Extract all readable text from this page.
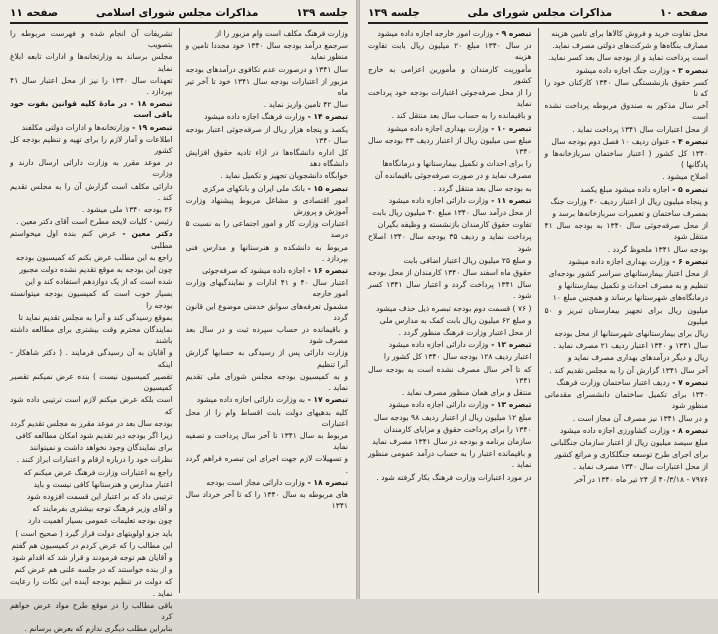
جلسه ۱۳۹
مذاکرات مجلس شورای اسلامی
صفحه ۱۱
وزارت فرهنگ مکلف است وام مزبور را از
سرجمع درآمد بودجه سال ۱۳۴۰ خود مجددا تامین و منظور نماید
سال ۱۳۴۱ و درصورت عدم تکافوی درآمدهای بودجه
مزبور از اعتبارات بودجه سال ۱۳۴۱ خود تا آخر تیر ماه
سال ۴۲ تامین واریز نماید .
تبصره ۱۴ - وزارت فرهنگ اجازه داده میشود
یکصد و پنجاه هزار ریال از صرفه‌جوئی اعتبار بودجه سال ۱۳۴۰
کل اداره دانشگاه‌ها در ازاء تادیه حقوق افزایش دانشگاه دهد
خوابگاه دانشجویان تجهیز و تکمیل نماید .
تبصره ۱۵ - بانک ملی ایران و بانکهای مرکزی
امور اقتصادی و مشاغل مربوط پیشنهاد وزارت آموزش و پرورش
اعتبارات وزارت کار و امور اجتماعی را به نسبت ۵ درصد
مربوط به دانشکده و هنرستانها و مدارس فنی بپردازد .
تبصره ۱۶ - اجازه داده میشود که صرفه‌جوئی
اعتبار سال ۴۰ و ۴۱ ادارات و نمایندگیهای وزارت امور خارجه
مشمول تعرفه‌های سوابق خدمتی موضوع این قانون گردد
و باقیمانده در حساب سپرده ثبت و در سال بعد مصرف شود
وزارت دارائی پس از رسیدگی به حسابها گزارش آنرا تنظیم
و به کمیسیون بودجه مجلس شورای ملی تقدیم نماید .
تبصره ۱۷ - به وزارت دارائی اجازه داده میشود
کلیه بدهیهای دولت بابت اقساط وام را از محل اعتبارات
مربوط به سال ۱۳۴۱ تا آخر سال پرداخت و تصفیه نماید
و تسهیلات لازم جهت اجرای این تبصره فراهم گردد .
تبصره ۱۸ - وزارت دارائی مجاز است بودجه
های مربوطه به سال ۱۳۴۰ را که تا آخر خرداد سال ۱۳۴۱
تشریفات آن انجام شده و فهرست مربوطه را بتصویب
مجلس برساند به وزارتخانه‌ها و ادارات تابعه ابلاغ نماید
تعهدات سال ۱۳۴۰ را نیز از محل اعتبار سال ۴۱ بپردازد .
تبصره ۱۸ - در مادهٔ کلیه قوانین بقوت خود باقی است
تبصره ۱۹ - وزارتخانه‌ها و ادارات دولتی مکلفند
اطلاعات و آمار لازم را برای تهیه و تنظیم بودجه کل کشور
در موعد مقرر به وزارت دارائی ارسال دارند و وزارت
دارائی مکلف است گزارش آن را به مجلس تقدیم کند .
۲۶ بودجه ۱۳۴۰ ملی میشود .
رئیس - کلیات لایحه مطرح است آقای دکتر معین .
دکتر معین - عرض کنم بنده اول میخواستم مطلبی
راجع به این مطلب عرض بکنم که کمیسیون بودجه
چون این بودجه به موقع تقدیم نشده دولت مجبور
شده است که از یک دوازدهم استفاده کند و این
بسیار خوب است که کمیسیون بودجه میتوانسته بودجه را
بموقع رسیدگی کند و آنرا به مجلس تقدیم نماید تا
نمایندگان محترم وقت بیشتری برای مطالعه داشته باشند
و آقایان به آن رسیدگی فرمایند . ( دکتر شاهکار - اینکه
تقصیر کمیسیون نیست ) بنده عرض نمیکنم تقصیر کمیسیون
است بلکه عرض میکنم لازم است ترتیبی داده شود که
بودجه سال بعد در موعد مقرر به مجلس تقدیم گردد
زیرا اگر بودجه دیر تقدیم شود امکان مطالعه کافی
برای نمایندگان وجود نخواهد داشت و نمیتوانند
نظرات خود را درباره ارقام و اعتبارات ابراز کنند .
راجع به اعتبارات وزارت فرهنگ عرض میکنم که
اعتبار مدارس و هنرستانها کافی نیست و باید
ترتیبی داد که بر اعتبار این قسمت افزوده شود
و آقای وزیر فرهنگ توجه بیشتری بفرمایند که
چون بودجه تعلیمات عمومی بسیار اهمیت دارد
باید جزو اولویتهای دولت قرار گیرد ( صحیح است )
این مطالب را که عرض کردم در کمیسیون هم گفتم
و آقایان هم توجه فرمودند و قرار شد که اقدام شود
و از بنده خواستند که در جلسه علنی هم عرض کنم
که دولت در تنظیم بودجه آینده این نکات را رعایت نماید .
باقی مطالب را در موقع طرح مواد عرض خواهم کرد
بنابراین مطلب دیگری ندارم که بعرض برسانم .
صفحه ۱۰
مذاکرات مجلس شورای ملی
جلسه ۱۳۹
محل تفاوت خرید و فروش کالاها برای تامین هزینه
مصارف بنگاه‌ها و شرکت‌های دولتی مصرف نماید.
است پرداخت نماید و از بودجه سال بعد کسر نماید.
تبصره ۳ - وزارت جنگ اجازه داده میشود
کسر حقوق بازنشستگی سال ۱۳۴۰ کارکنان خود را که تا
آخر سال مذکور به صندوق مربوطه پرداخت نشده است
از محل اعتبارات سال ۱۳۴۱ پرداخت نماید .
تبصره ۴ - عنوان ردیف ۱۰ فصل دوم بودجه سال
۱۳۴۰ کل کشور ( اعتبار ساختمان سربازخانه‌ها و پادگانها )
اصلاح میشود .
تبصره ۵ - اجازه داده میشود مبلغ یکصد
و پنجاه میلیون ریال از اعتبار ردیف ۳۰ وزارت جنگ
بمصرف ساختمان و تعمیرات سربازخانه‌ها برسد و
از محل صرفه‌جوئی سال ۱۳۴۰ به بودجه سال ۴۱ منتقل شود
بودجه سال ۱۳۴۱ ملحوظ گردد .
تبصره ۶ - وزارت بهداری اجازه داده میشود
از محل اعتبار بیمارستانهای سراسر کشور بودجه‌ای
تنظیم و به مصرف احداث و تکمیل بیمارستانها و
درمانگاه‌های شهرستانها برساند و همچنین مبلغ ۱۰
میلیون ریال برای تجهیز بیمارستان تبریز و ۵۰ میلیون
ریال برای بیمارستانهای شهرستانها از محل بودجه
سال ۱۳۴۱ و ۱۳۴۰ اعتبار ردیف ۲۱ مصرف نماید .
ریال و دیگر درآمدهای بهداری مصرف نماید و
آخر سال ۱۳۴۱ گزارش آن را به مجلس تقدیم کند .
تبصره ۷ - ردیف اعتبار ساختمان وزارت فرهنگ
۱۳۴۰ برای تکمیل ساختمان دانشسرای مقدماتی منظور شود
و در سال ۱۳۴۱ نیز مصرف آن مجاز است .
تبصره ۸ - وزارت کشاورزی اجازه داده میشود
مبلغ سیصد میلیون ریال از اعتبار سازمان جنگلبانی
برای اجرای طرح توسعه جنگلکاری و مراتع کشور
از محل اعتبارات سال ۱۳۴۰ مصرف نماید .
۷۹۷۶ - ۴۰/۳/۱۸ از ۲۴ تیر ماه ۱۳۴۰ در آخر
تبصره ۹ - وزارت امور خارجه اجازه داده میشود
در سال ۱۳۴۰ مبلغ ۲۰ میلیون ریال بابت تفاوت هزینه
مأموریت کارمندان و مأمورین اعزامی به خارج کشور
را از محل صرفه‌جوئی اعتبارات بودجه خود پرداخت نماید
و باقیمانده را به حساب سال بعد منتقل کند .
تبصره ۱۰ - وزارت بهداری اجازه داده میشود
مبلغ سی میلیون ریال از اعتبار ردیف ۳۳ بودجه سال ۱۳۴۰
را برای احداث و تکمیل بیمارستانها و درمانگاه‌ها
مصرف نماید و در صورت صرفه‌جوئی باقیمانده آن
به بودجه سال بعد منتقل گردد .
تبصره ۱۱ - وزارت دارائی اجازه داده میشود
از محل درآمد سال ۱۳۴۰ مبلغ ۴۰ میلیون ریال بابت
تفاوت حقوق کارمندان بازنشسته و وظیفه بگیران
پرداخت نماید و ردیف ۳۵ بودجه سال ۱۳۴۰ اصلاح شود
و مبلغ ۲۵ میلیون ریال اعتبار اضافی بابت
حقوق ماه اسفند سال ۱۳۴۰ کارمندان از محل بودجه
سال ۱۳۴۱ پرداخت گردد و اعتبار سال ۱۳۴۱ کسر شود .
( ۷۶ ) قسمت دوم بودجه تبصره ذیل حذف میشود
و مبلغ ۶۲ میلیون ریال بابت کمک به مدارس ملی
از محل اعتبار وزارت فرهنگ منظور گردد .
تبصره ۱۲ - وزارت دارائی اجازه داده میشود
اعتبار ردیف ۱۲۸ بودجه سال ۱۳۴۰ کل کشور را
که تا آخر سال مصرف نشده است به بودجه سال ۱۳۴۱
منتقل و برای همان منظور مصرف نماید .
تبصره ۱۳ - وزارت دارائی اجازه داده میشود
مبلغ ۱۲ میلیون ریال از اعتبار ردیف ۹۸ بودجه سال
۱۳۴۰ را برای پرداخت حقوق و مزایای کارمندان
سازمان برنامه و بودجه در سال ۱۳۴۱ مصرف نماید
و باقیمانده اعتبار را به حساب درآمد عمومی منظور نماید .
در مورد اعتبارات وزارت فرهنگ بکار گرفته شود .
